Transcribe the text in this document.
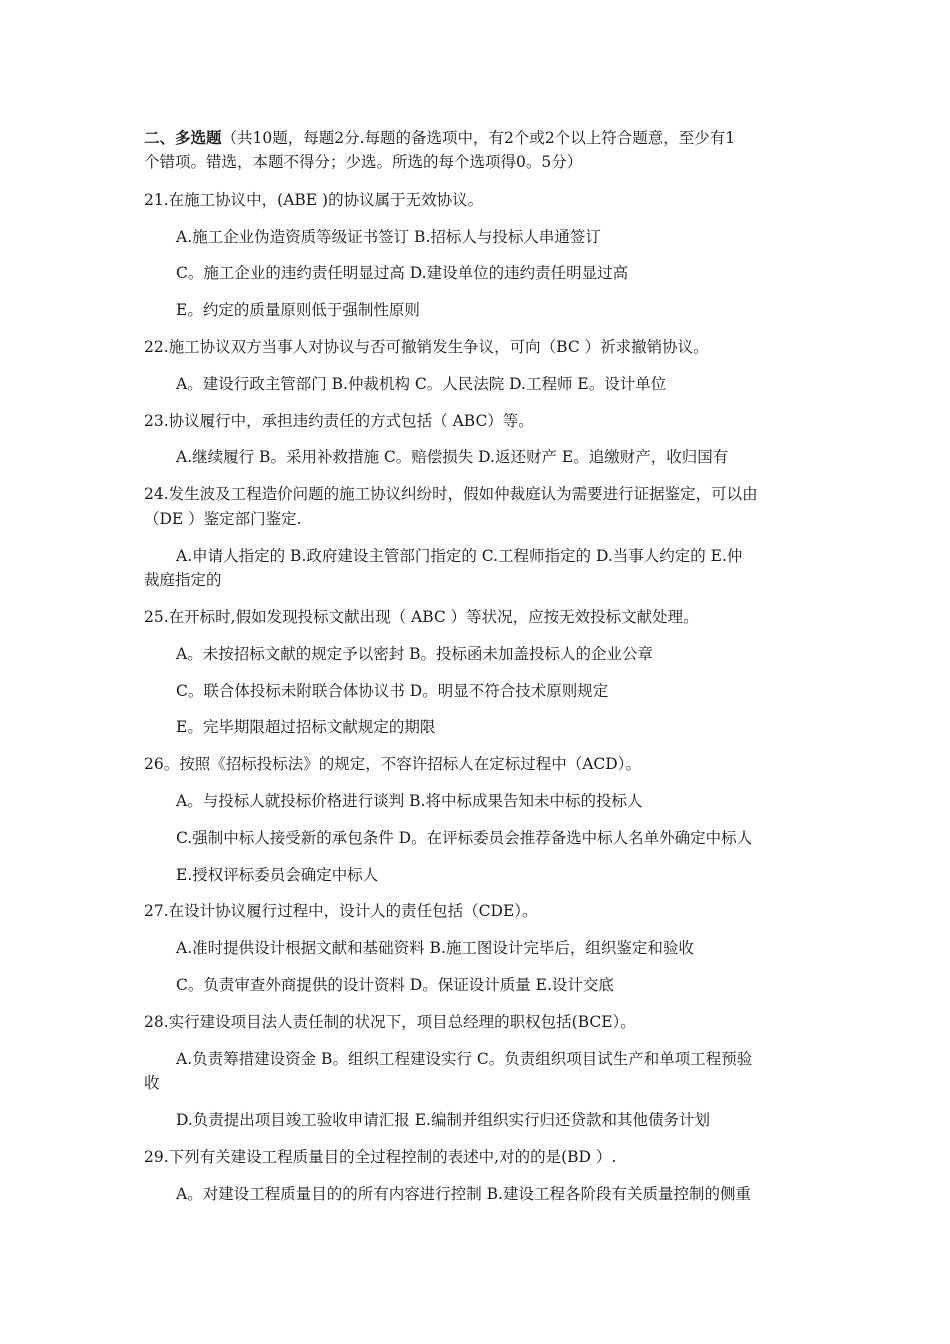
二、多选题（共10题，每题2分.每题的备选项中，有2个或2个以上符合题意，至少有1
个错项。错选，本题不得分；少选。所选的每个选项得0。5分）
21.在施工协议中，(ABE )的协议属于无效协议。
A.施工企业伪造资质等级证书签订 B.招标人与投标人串通签订
C。施工企业的违约责任明显过高 D.建设单位的违约责任明显过高
E。约定的质量原则低于强制性原则
22.施工协议双方当事人对协议与否可撤销发生争议，可向（BC ）祈求撤销协议。
A。建设行政主管部门 B.仲裁机构 C。人民法院 D.工程师 E。设计单位
23.协议履行中，承担违约责任的方式包括（ ABC）等。
A.继续履行 B。采用补救措施 C。赔偿损失 D.返还财产 E。追缴财产，收归国有
24.发生波及工程造价问题的施工协议纠纷时，假如仲裁庭认为需要进行证据鉴定，可以由
（DE ）鉴定部门鉴定.
A.申请人指定的 B.政府建设主管部门指定的 C.工程师指定的 D.当事人约定的 E.仲
裁庭指定的
25.在开标时,假如发现投标文献出现（ ABC ）等状况，应按无效投标文献处理。
A。未按招标文献的规定予以密封 B。投标函未加盖投标人的企业公章
C。联合体投标未附联合体协议书 D。明显不符合技术原则规定
E。完毕期限超过招标文献规定的期限
26。按照《招标投标法》的规定，不容许招标人在定标过程中（ACD）。
A。与投标人就投标价格进行谈判 B.将中标成果告知未中标的投标人
C.强制中标人接受新的承包条件 D。在评标委员会推荐备选中标人名单外确定中标人
E.授权评标委员会确定中标人
27.在设计协议履行过程中，设计人的责任包括（CDE）。
A.准时提供设计根据文献和基础资料 B.施工图设计完毕后，组织鉴定和验收
C。负责审查外商提供的设计资料 D。保证设计质量 E.设计交底
28.实行建设项目法人责任制的状况下，项目总经理的职权包括(BCE）。
A.负责筹措建设资金 B。组织工程建设实行 C。负责组织项目试生产和单项工程预验
收
D.负责提出项目竣工验收申请汇报 E.编制并组织实行归还贷款和其他债务计划
29.下列有关建设工程质量目的全过程控制的表述中,对的的是(BD ）.
A。对建设工程质量目的的所有内容进行控制 B.建设工程各阶段有关质量控制的侧重
